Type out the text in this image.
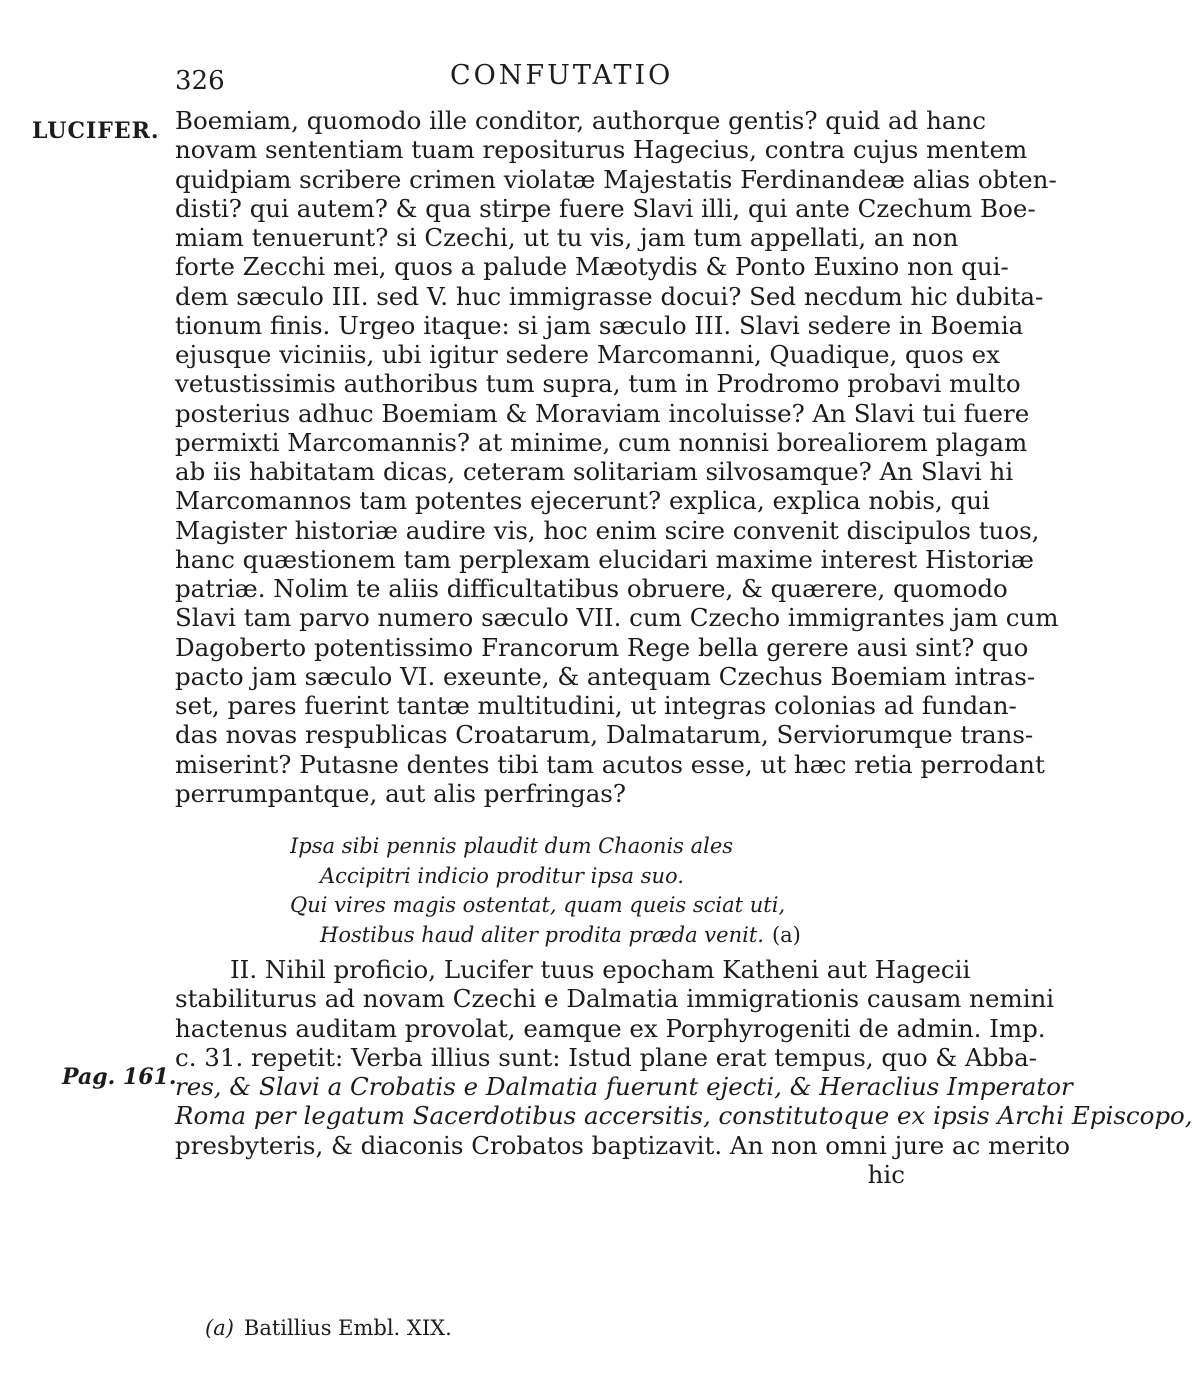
326	CONFUTATIO
LUCIFER.
Pag. 161.
Boemiam, quomodo ille conditor, authorque gentis? quid ad hanc
novam sententiam tuam repositurus Hagecius, contra cujus mentem
quidpiam scribere crimen violatæ Majestatis Ferdinandeæ alias obten-
disti? qui autem? & qua stirpe fuere Slavi illi, qui ante Czechum Boe-
miam tenuerunt? si Czechi, ut tu vis, jam tum appellati, an non
forte Zecchi mei, quos a palude Mæotydis & Ponto Euxino non qui-
dem sæculo III. sed V. huc immigrasse docui? Sed necdum hic dubita-
tionum finis. Urgeo itaque: si jam sæculo III. Slavi sedere in Boemia
ejusque viciniis, ubi igitur sedere Marcomanni, Quadique, quos ex
vetustissimis authoribus tum supra, tum in Prodromo probavi multo
posterius adhuc Boemiam & Moraviam incoluisse? An Slavi tui fuere
permixti Marcomannis? at minime, cum nonnisi borealiorem plagam
ab iis habitatam dicas, ceteram solitariam silvosamque? An Slavi hi
Marcomannos tam potentes ejecerunt? explica, explica nobis, qui
Magister historiæ audire vis, hoc enim scire convenit discipulos tuos,
hanc quæstionem tam perplexam elucidari maxime interest Historiæ
patriæ. Nolim te aliis difficultatibus obruere, & quærere, quomodo
Slavi tam parvo numero sæculo VII. cum Czecho immigrantes jam cum
Dagoberto potentissimo Francorum Rege bella gerere ausi sint? quo
pacto jam sæculo VI. exeunte, & antequam Czechus Boemiam intras-
set, pares fuerint tantæ multitudini, ut integras colonias ad fundan-
das novas respublicas Croatarum, Dalmatarum, Serviorumque trans-
miserint? Putasne dentes tibi tam acutos esse, ut hæc retia perrodant
perrumpantque, aut alis perfringas?
Ipsa sibi pennis plaudit dum Chaonis ales
Accipitri indicio proditur ipsa suo.
Qui vires magis ostentat, quam queis sciat uti,
Hostibus haud aliter prodita præda venit. (a)
II. Nihil proficio, Lucifer tuus epocham Katheni aut Hagecii
stabiliturus ad novam Czechi e Dalmatia immigrationis causam nemini
hactenus auditam provolat, eamque ex Porphyrogeniti de admin. Imp.
c. 31. repetit: Verba illius sunt: Istud plane erat tempus, quo & Abba-
res, & Slavi a Crobatis e Dalmatia fuerunt ejecti, & Heraclius Imperator
Roma per legatum Sacerdotibus accersitis, constitutoque ex ipsis Archi Episcopo,
presbyteris, & diaconis Crobatos baptizavit. An non omni jure ac merito
hic
(a) Batillius Embl. XIX.
